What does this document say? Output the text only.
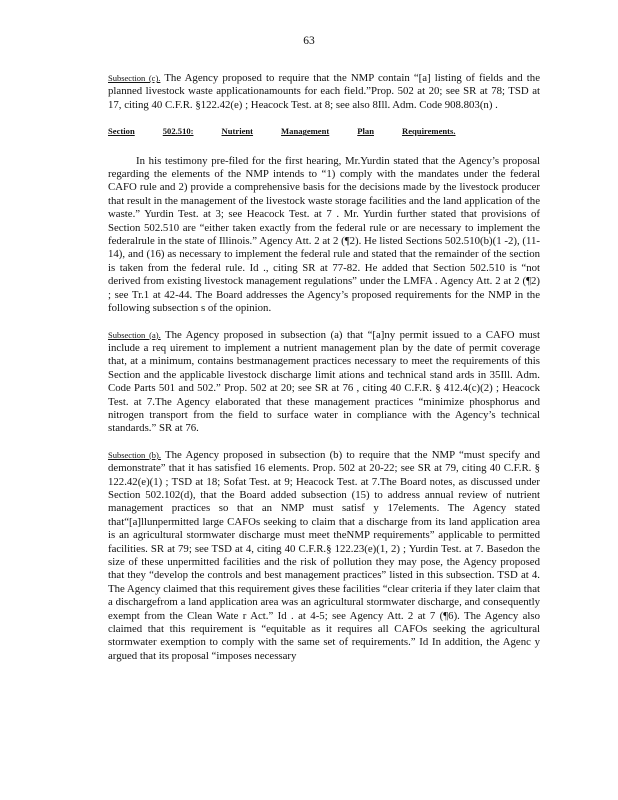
63

Subsection (c). The Agency proposed to require that the NMP contain “[a] listing of fields and the planned livestock waste applicationamounts for each field.”Prop. 502 at 20; see SR at 78; TSD at 17, citing 40 C.F.R. §122.42(e) ; Heacock Test. at 8; see also 8Ill. Adm. Code 908.803(n) .

Section	502.510:	Nutrient	Management	Plan	Requirements.

In his testimony pre-filed for the first hearing, Mr.Yurdin stated that the Agency’s proposal regarding the elements of the NMP intends to “1) comply with the mandates under the federal CAFO rule and 2) provide a comprehensive basis for the decisions made by the livestock producer that result in the management of the livestock waste storage facilities and the land application of the waste.” Yurdin Test. at 3; see Heacock Test. at 7 . Mr. Yurdin further stated that provisions of Section 502.510 are “either taken exactly from the federal rule or are necessary to implement the federalrule in the state of Illinois.” Agency Att. 2 at 2 (¶2). He listed Sections 502.510(b)(1 -2), (11-14), and (16) as necessary to implement the federal rule and stated that the remainder of the section is taken from the federal rule. Id ., citing SR at 77-82. He added that Section 502.510 is “not derived from existing livestock management regulations” under the LMFA . Agency Att. 2 at 2 (¶2) ; see Tr.1 at 42-44. The Board addresses the Agency’s proposed requirements for the NMP in the following subsection s of the opinion.

Subsection (a). The Agency proposed in subsection (a) that “[a]ny permit issued to a CAFO must include a req uirement to implement a nutrient management plan by the date of permit coverage that, at a minimum, contains bestmanagement practices necessary to meet the requirements of this Section and the applicable livestock discharge limit ations and technical stand ards in 35Ill. Adm. Code Parts 501 and 502.” Prop. 502 at 20; see SR at 76 , citing 40 C.F.R. § 412.4(c)(2) ; Heacock Test. at 7.The Agency elaborated that these management practices “minimize phosphorus and nitrogen transport from the field to surface water in compliance with the Agency’s technical standards.” SR at 76.

Subsection (b). The Agency proposed in subsection (b) to require that the NMP “must specify and demonstrate” that it has satisfied 16 elements. Prop. 502 at 20-22; see SR at 79, citing 40 C.F.R. § 122.42(e)(1) ; TSD at 18; Sofat Test. at 9; Heacock Test. at 7.The Board notes, as discussed under Section 502.102(d), that the Board added subsection (15) to address annual review of nutrient management practices so that an NMP must satisf y 17elements. The Agency stated that“[a]llunpermitted large CAFOs seeking to claim that a discharge from its land application area is an agricultural stormwater discharge must meet theNMP requirements” applicable to permitted facilities. SR at 79; see TSD at 4, citing 40 C.F.R.§ 122.23(e)(1, 2) ; Yurdin Test. at 7. Basedon the size of these unpermitted facilities and the risk of pollution they may pose, the Agency proposed that they “develop the controls and best management practices” listed in this subsection. TSD at 4. The Agency claimed that this requirement gives these facilities “clear criteria if they later claim that a dischargefrom a land application area was an agricultural stormwater discharge, and consequently exempt from the Clean Wate r Act.” Id . at 4-5; see Agency Att. 2 at 7 (¶6). The Agency also claimed that this requirement is “equitable as it requires all CAFOs seeking the agricultural stormwater exemption to comply with the same set of requirements.” Id In addition, the Agenc y argued that its proposal “imposes necessary
